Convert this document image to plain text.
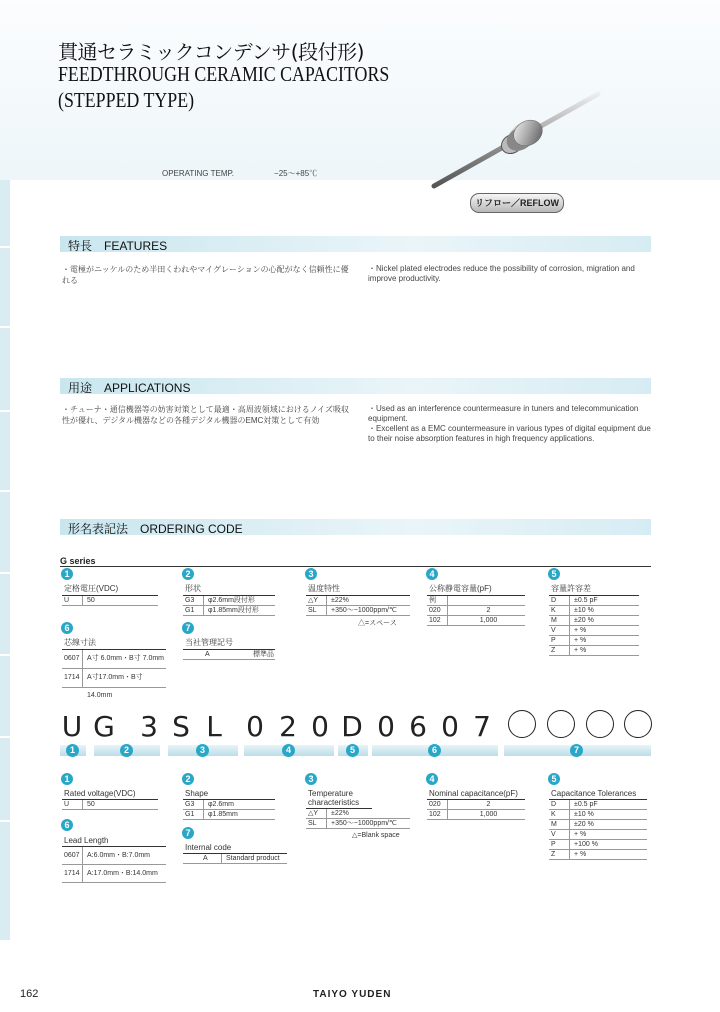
貫通セラミックコンデンサ(段付形)
FEEDTHROUGH CERAMIC CAPACITORS
(STEPPED TYPE)
OPERATING TEMP.	−25〜+85℃
リフロー／REFLOW
特長　FEATURES
・電極がニッケルのため半田くわれやマイグレーションの心配がなく信頼性に優れる
・Nickel plated electrodes reduce the possibility of corrosion, migration and improve productivity.
用途　APPLICATIONS
・チューナ・通信機器等の妨害対策として最適・高周波領域におけるノイズ吸収性が優れ、デジタル機器などの各種デジタル機器のEMC対策として有効
・Used as an interference countermeasure in tuners and telecommunication equipment.
・Excellent as a EMC countermeasure in various types of digital equipment due to their noise absorption features in high frequency applications.
形名表記法　ORDERING CODE
G series
1
定格電圧(VDC)
U	50
2
形状
G3	φ2.6mm段付形
G1	φ1.85mm段付形
3
温度特性
△Y	±22%
SL	+350〜−1000ppm/℃
△=スペース
4
公称静電容量(pF)
例
020	2
102	1,000
5
容量許容差
D	±0.5 pF
K	±10 %
M	±20 %
V	+ %
P	+ %
Z	+ %
6
芯線寸法
0607	A寸 6.0mm・B寸 7.0mm
1714	A寸17.0mm・B寸14.0mm
7
当社管理記号
A	標準品
U G 3 S L 0 2 0 D 0 6 0 7
1	2	3	4	5	6	7
1
Rated voltage(VDC)
U	50
2
Shape
G3	φ2.6mm
G1	φ1.85mm
3
Temperature characteristics
△Y	±22%
SL	+350〜−1000ppm/℃
△=Blank space
4
Nominal capacitance(pF)
020	2
102	1,000
5
Capacitance Tolerances
D	±0.5 pF
K	±10 %
M	±20 %
V	+ %
P	+100 %
Z	+ %
6
Lead Length
0607	A:6.0mm・B:7.0mm
1714	A:17.0mm・B:14.0mm
7
Internal code
A	Standard product
162	TAIYO YUDEN
